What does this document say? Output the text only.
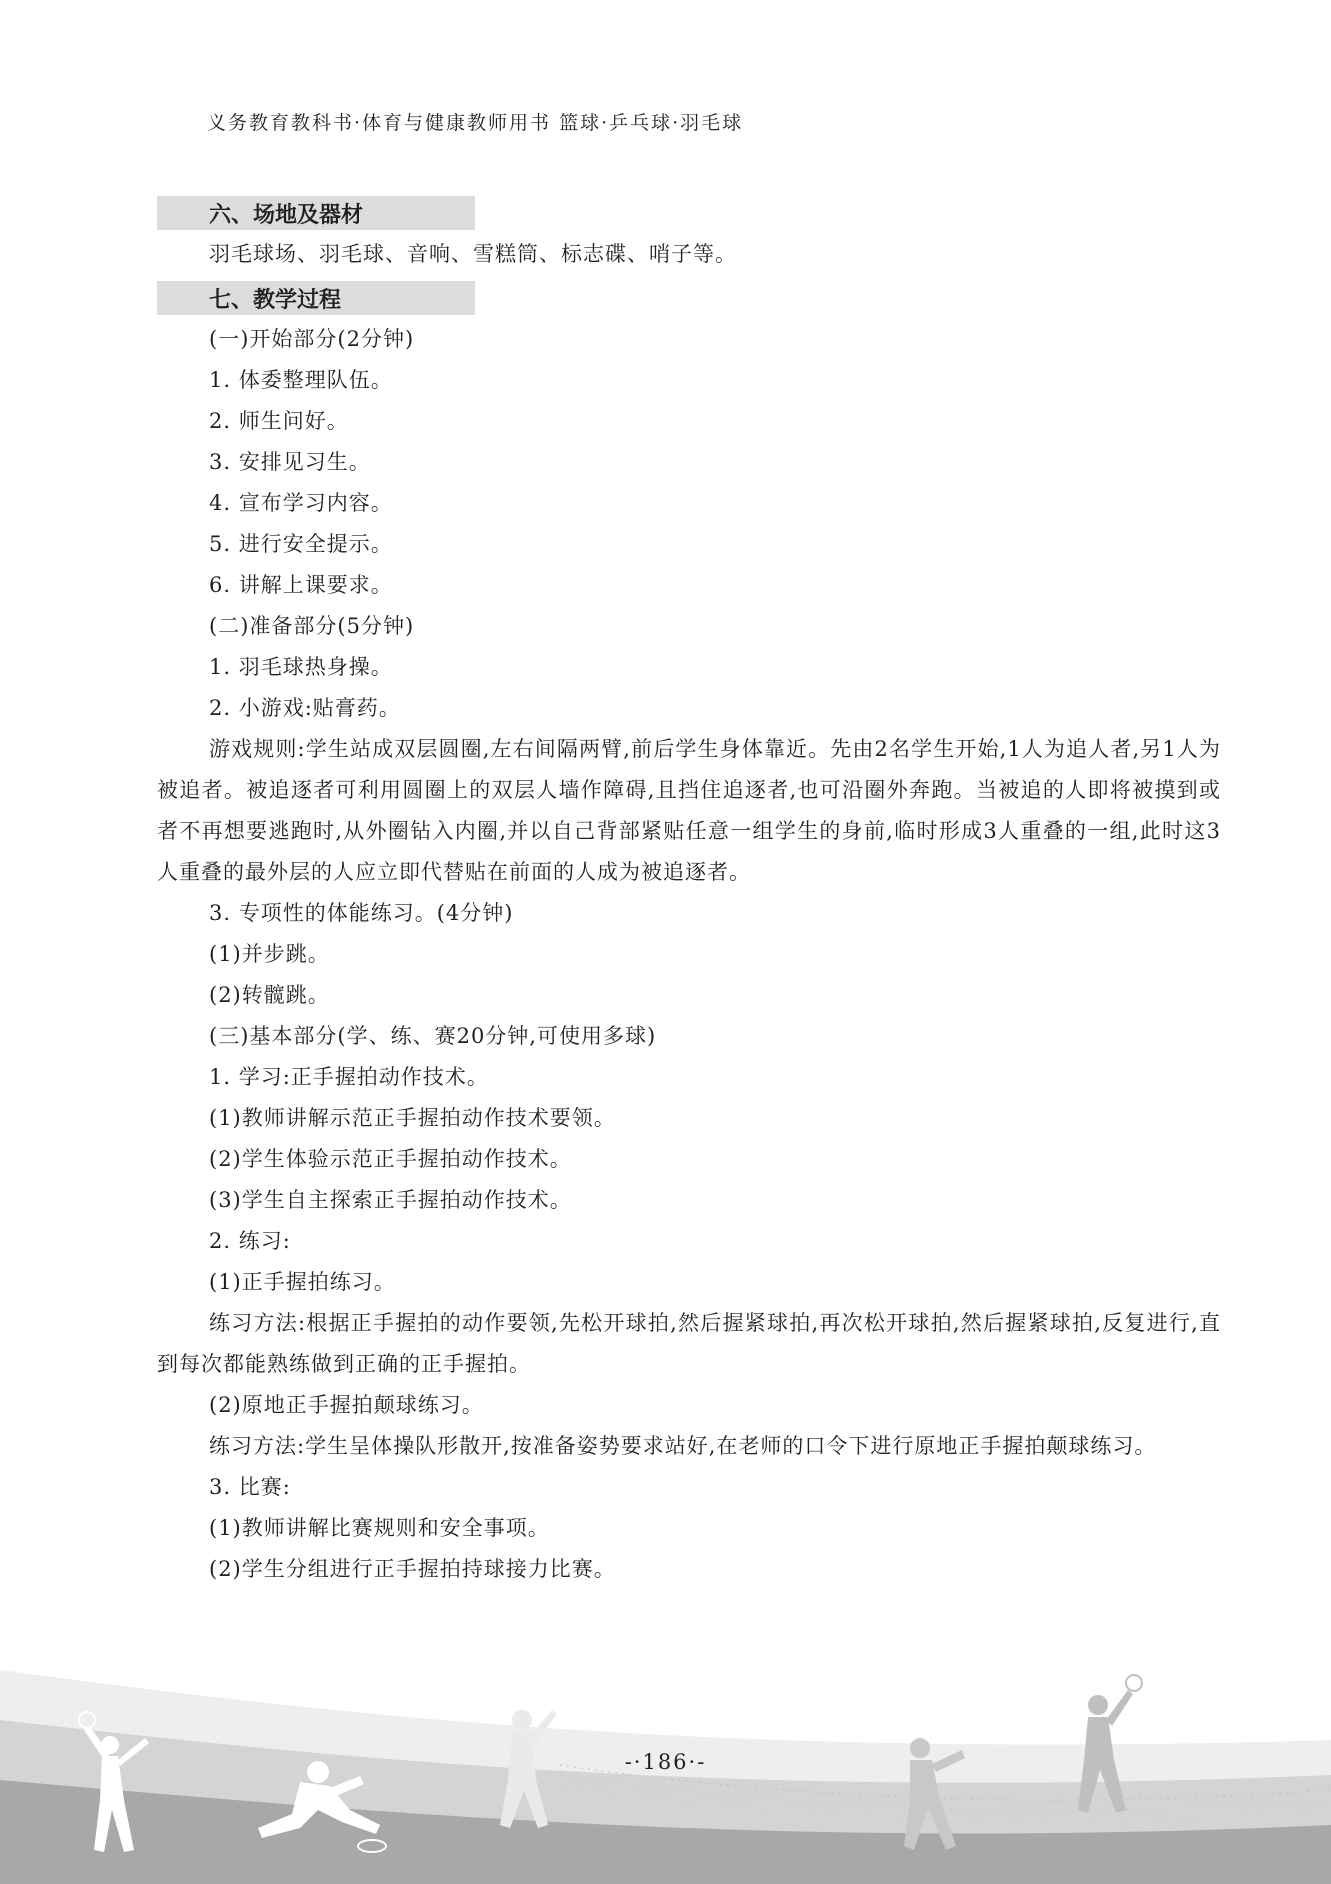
义务教育教科书·体育与健康教师用书 篮球·乒乓球·羽毛球
六、场地及器材

羽毛球场、羽毛球、音响、雪糕筒、标志碟、哨子等。

七、教学过程

(一)开始部分(2分钟)

1. 体委整理队伍。

2. 师生问好。

3. 安排见习生。

4. 宣布学习内容。

5. 进行安全提示。

6. 讲解上课要求。

(二)准备部分(5分钟)

1. 羽毛球热身操。

2. 小游戏:贴膏药。

游戏规则:学生站成双层圆圈,左右间隔两臂,前后学生身体靠近。先由2名学生开始,1人为追人者,另1人为被追者。被追逐者可利用圆圈上的双层人墙作障碍,且挡住追逐者,也可沿圈外奔跑。当被追的人即将被摸到或者不再想要逃跑时,从外圈钻入内圈,并以自己背部紧贴任意一组学生的身前,临时形成3人重叠的一组,此时这3人重叠的最外层的人应立即代替贴在前面的人成为被追逐者。

3. 专项性的体能练习。(4分钟)

(1)并步跳。

(2)转髋跳。

(三)基本部分(学、练、赛20分钟,可使用多球)

1. 学习:正手握拍动作技术。

(1)教师讲解示范正手握拍动作技术要领。

(2)学生体验示范正手握拍动作技术。

(3)学生自主探索正手握拍动作技术。

2. 练习:

(1)正手握拍练习。

练习方法:根据正手握拍的动作要领,先松开球拍,然后握紧球拍,再次松开球拍,然后握紧球拍,反复进行,直到每次都能熟练做到正确的正手握拍。

(2)原地正手握拍颠球练习。

练习方法:学生呈体操队形散开,按准备姿势要求站好,在老师的口令下进行原地正手握拍颠球练习。

3. 比赛:

(1)教师讲解比赛规则和安全事项。

(2)学生分组进行正手握拍持球接力比赛。

-·186·-
